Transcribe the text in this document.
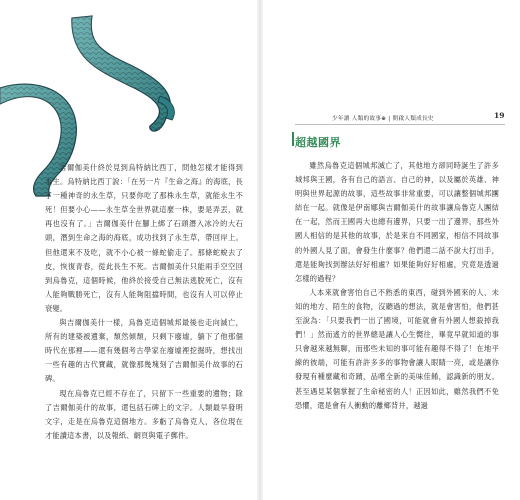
吉爾伽美什終於見到烏特納比西丁，問他怎樣才能得到永生。烏特納比西丁說：「在另一片『生命之海』的海底，長了一種神奇的永生草，只要你吃了那株永生草，就能永生不死！但要小心——永生草全世界就這麼一株，要是弄丟，就再也沒有了。」吉爾伽美什在腳上綁了石頭潛入冰冷的大石頭，潛到生命之海的海底，成功找到了永生草，帶回岸上。但他還來不及吃，就不小心被一條蛇偷走了。那條蛇蛻去了皮，恢復青春，從此長生不死。吉爾伽美什只能兩手空空回到烏魯克，這個時候，他終於接受自己無法逃脫死亡，沒有人能夠戰勝死亡，沒有人能夠阻擋時間，也沒有人可以停止衰變。

與吉爾伽美什一樣，烏魯克這個城邦最後也走向滅亡，所有的建築被遺棄，頹然傾頹，只剩下廢墟，躺下了他那個時代在那裡——還有幾個考古學家在廢墟裡挖掘時，想找出一些有趣的古代寶藏，就像那幾塊刻了吉爾伽美什故事的石碑。

現在烏魯克已經不存在了，只留下一些重要的遺物；除了吉爾伽美什的故事，還包括石碑上的文字。人類最早發明文字，走是在烏魯克這個地方。多虧了烏魯克人，各位現在才能讀這本書，以及報紙、網頁與電子郵件。

少年讀 人類的故事⊕ | 開啟人類成長史	19
超越國界

雖然烏魯克這個城邦滅亡了，其他地方卻同時誕生了許多城邦與王國，各有自己的語言、自己的神，以及屬於英雄、神明與世界起源的故事，這些故事非常重要，可以讓整個城邦團結在一起。就像是伊南娜與吉爾伽美什的故事讓烏魯克人團結在一起，然而王國再大也總有邊界，只要一出了邊界，那些外國人相信的是其他的故事，於是來自不同國家，相信不同故事的外國人見了面，會發生什麼事？他們還二話不說大打出手，還是能夠找到辦法好好相處？如果能夠好好相處，究竟是透過怎樣的過程？

人本來就會害怕自己不熟悉的東西，碰到外國來的人、未知的地方、陌生的食物，沒聽過的想法，就是會害怕，他們甚至說為：「只要我們一出了國境，可能就會有外國人想殺掉我們！」然而遙方的世界總是讓人心生嚮往，畢竟早就知道的事只會越來越無聊，而那些未知的事可能有趣得不得了！在地平線的彼端，可能有許許多多的事物會讓人眼睛一亮，或是讓你發現有種麼藏和奇蹟，品嚐全新的美味佳餚，認識新的朋友。甚至遇見某個掌握了生命秘密的人！正因如此，雖然我們不免恐懼，還是會有人衝動的離鄉背井，越過
